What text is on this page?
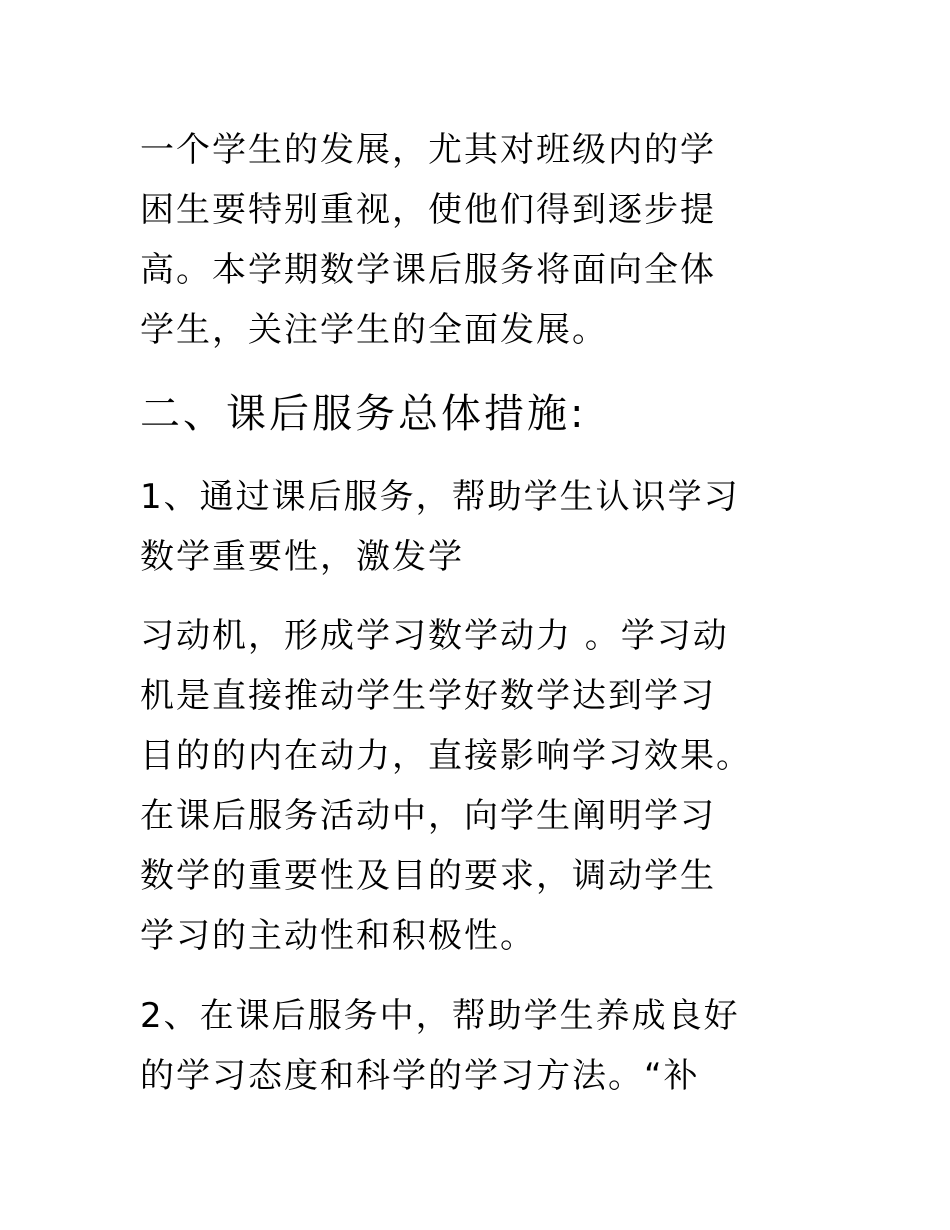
一个学生的发展，尤其对班级内的学
困生要特别重视，使他们得到逐步提
高。本学期数学课后服务将面向全体
学生，关注学生的全面发展。
二、课后服务总体措施:
1、通过课后服务，帮助学生认识学习
数学重要性，激发学
习动机，形成学习数学动力 。学习动
机是直接推动学生学好数学达到学习
目的的内在动力，直接影响学习效果。
在课后服务活动中，向学生阐明学习
数学的重要性及目的要求，调动学生
学习的主动性和积极性。
2、在课后服务中，帮助学生养成良好
的学习态度和科学的学习方法。“补
